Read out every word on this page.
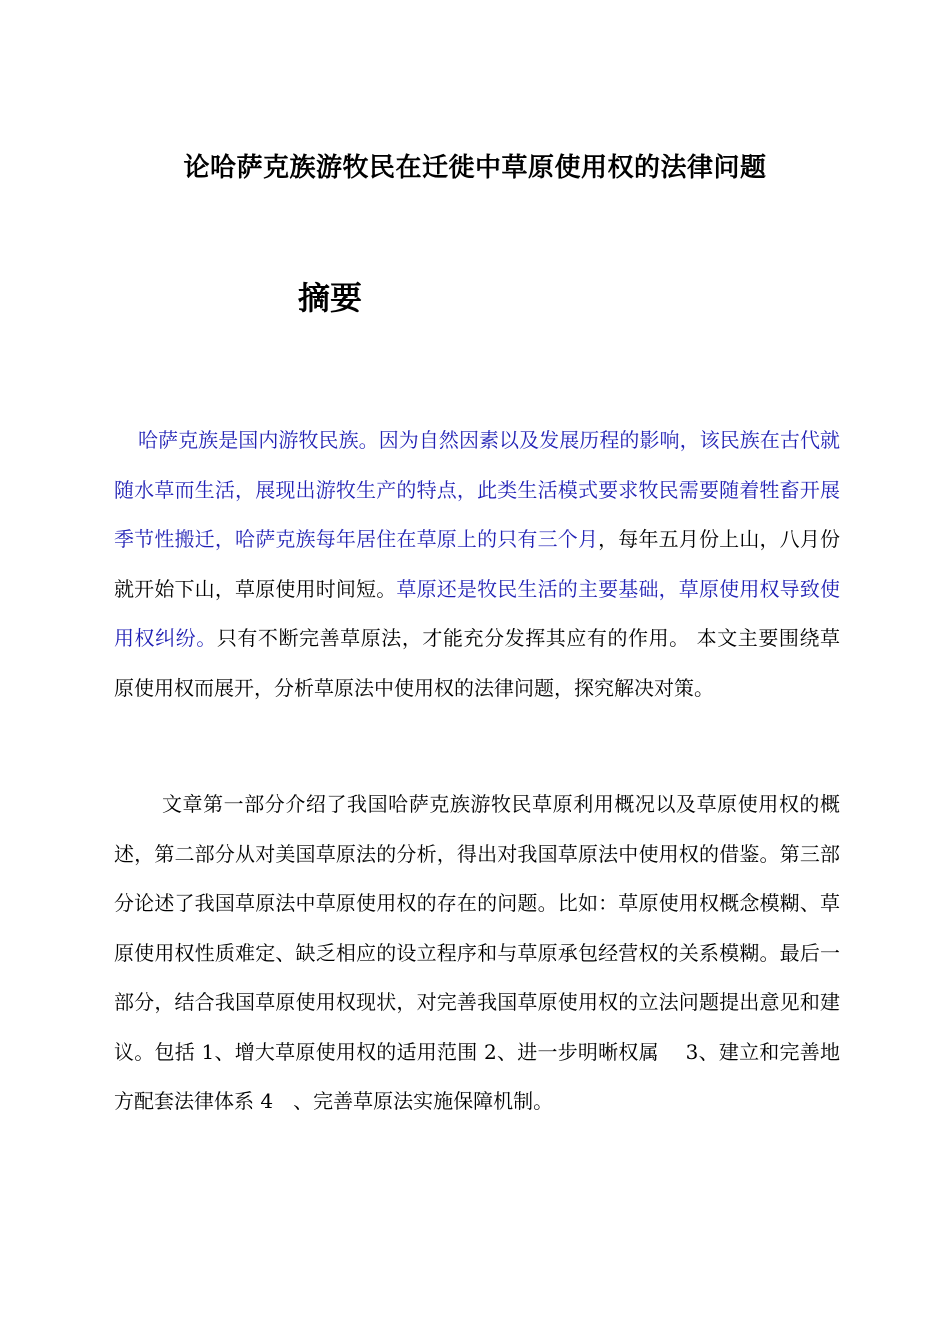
论哈萨克族游牧民在迁徙中草原使用权的法律问题
摘要

哈萨克族是国内游牧民族。因为自然因素以及发展历程的影响，该民族在古代就随水草而生活，展现出游牧生产的特点，此类生活模式要求牧民需要随着牲畜开展季节性搬迁，哈萨克族每年居住在草原上的只有三个月，每年五月份上山，八月份就开始下山，草原使用时间短。草原还是牧民生活的主要基础，草原使用权导致使用权纠纷。只有不断完善草原法，才能充分发挥其应有的作用。 本文主要围绕草原使用权而展开，分析草原法中使用权的法律问题，探究解决对策。

文章第一部分介绍了我国哈萨克族游牧民草原利用概况以及草原使用权的概述，第二部分从对美国草原法的分析，得出对我国草原法中使用权的借鉴。第三部分论述了我国草原法中草原使用权的存在的问题。比如：草原使用权概念模糊、草原使用权性质难定、缺乏相应的设立程序和与草原承包经营权的关系模糊。最后一部分，结合我国草原使用权现状，对完善我国草原使用权的立法问题提出意见和建议。包括 1、增大草原使用权的适用范围 2、进一步明晰权属　 3、建立和完善地方配套法律体系 4　、完善草原法实施保障机制。
